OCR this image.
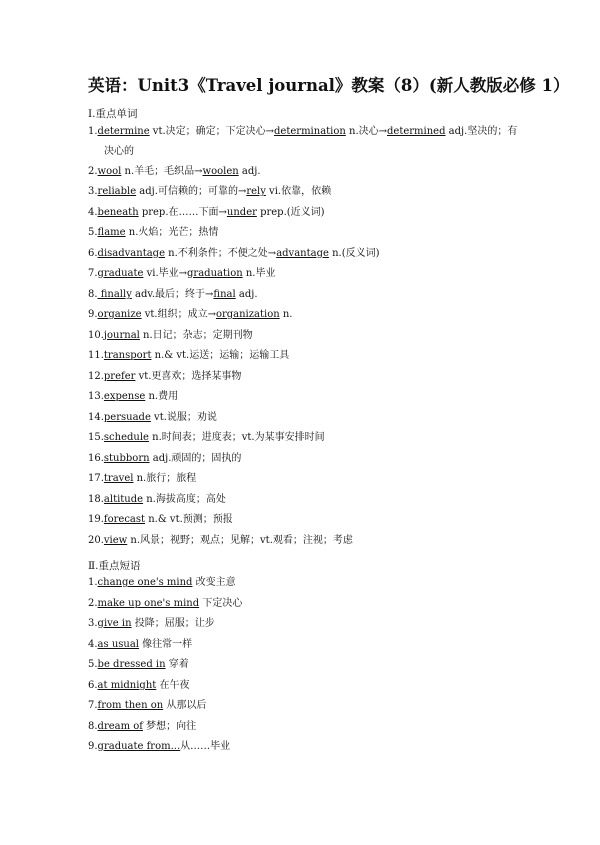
英语：Unit3《Travel journal》教案（8）(新人教版必修 1）
Ⅰ.重点单词
1.determine vt.决定；确定；下定决心→determination n.决心→determined adj.坚决的；有
2.wool n.羊毛；毛织品→woolen adj.
3.reliable adj.可信赖的；可靠的→rely vi.依靠，依赖
4.beneath prep.在……下面→under prep.(近义词)
5.flame n.火焰；光芒；热情
6.disadvantage n.不利条件；不便之处→advantage n.(反义词)
7.graduate vi.毕业→graduation n.毕业
8. finally adv.最后；终于→final adj.
9.organize vt.组织；成立→organization n.
10.journal n.日记；杂志；定期刊物
11.transport n.& vt.运送；运输；运输工具
12.prefer vt.更喜欢；选择某事物
13.expense n.费用
14.persuade vt.说服；劝说
15.schedule n.时间表；进度表；vt.为某事安排时间
16.stubborn adj.顽固的；固执的
17.travel n.旅行；旅程
18.altitude n.海拔高度；高处
19.forecast n.& vt.预测；预报
20.view n.风景；视野；观点；见解；vt.观看；注视；考虑
决心的
Ⅱ.重点短语
1.change one's mind 改变主意
2.make up one's mind 下定决心
3.give in 投降；屈服；让步
4.as usual 像往常一样
5.be dressed in 穿着
6.at midnight 在午夜
7.from then on 从那以后
8.dream of 梦想；向往
9.graduate from...从……毕业
